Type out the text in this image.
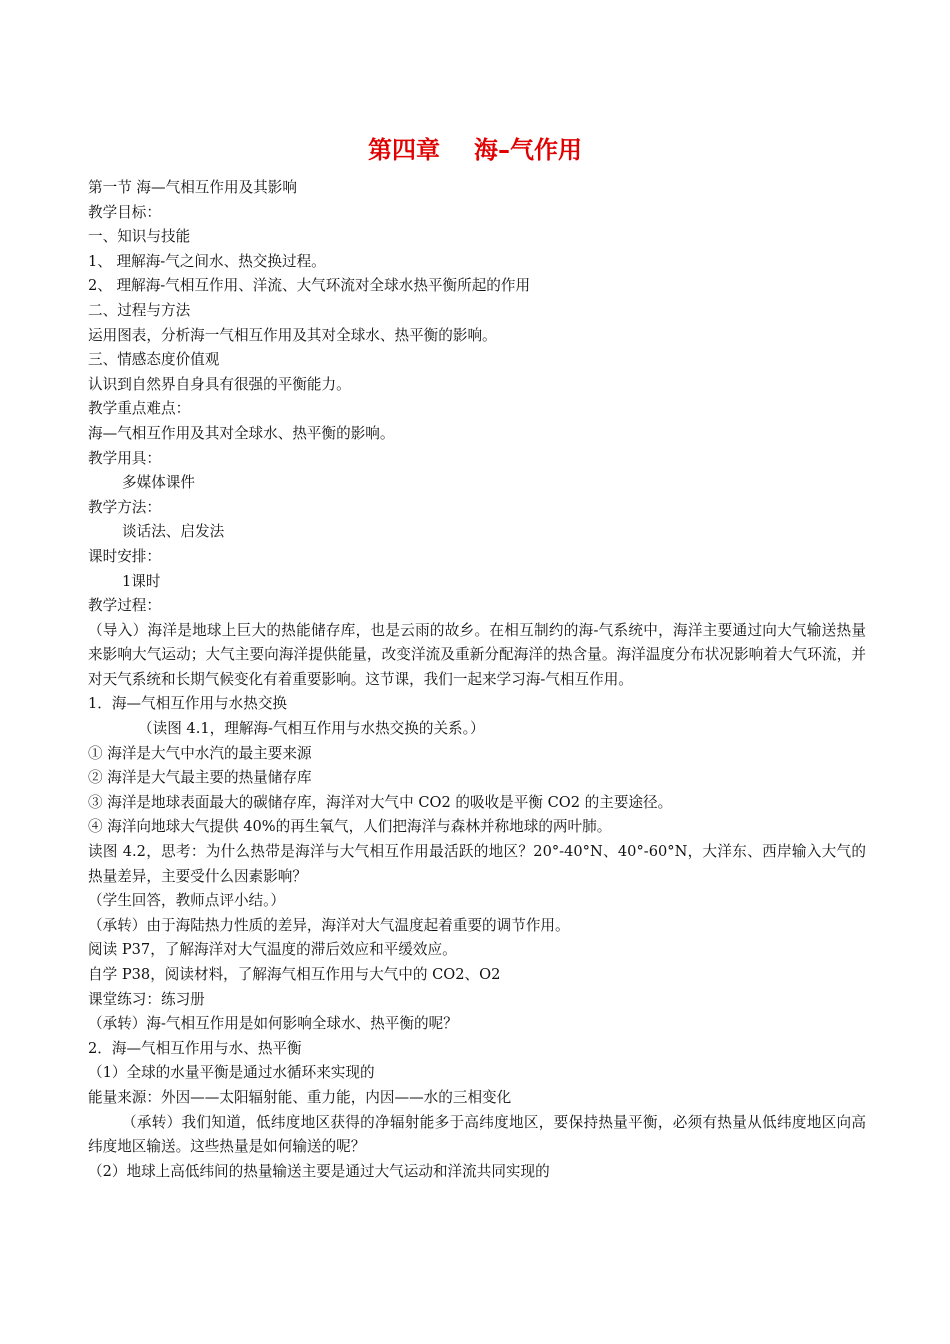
第四章 海–气作用
第一节 海—气相互作用及其影响
教学目标：
一、知识与技能
1、 理解海-气之间水、热交换过程。
2、 理解海-气相互作用、洋流、大气环流对全球水热平衡所起的作用
二、过程与方法
运用图表，分析海一气相互作用及其对全球水、热平衡的影响。
三、情感态度价值观
认识到自然界自身具有很强的平衡能力。
教学重点难点：
海—气相互作用及其对全球水、热平衡的影响。
教学用具：
多媒体课件
教学方法：
谈话法、启发法
课时安排：
1课时
教学过程：
（导入）海洋是地球上巨大的热能储存库，也是云雨的故乡。在相互制约的海-气系统中，海洋主要通过向大气输送热量来影响大气运动；大气主要向海洋提供能量，改变洋流及重新分配海洋的热含量。海洋温度分布状况影响着大气环流，并对天气系统和长期气候变化有着重要影响。这节课，我们一起来学习海-气相互作用。
1．海—气相互作用与水热交换
（读图 4.1，理解海-气相互作用与水热交换的关系。）
① 海洋是大气中水汽的最主要来源
② 海洋是大气最主要的热量储存库
③ 海洋是地球表面最大的碳储存库，海洋对大气中 CO2 的吸收是平衡 CO2 的主要途径。
④ 海洋向地球大气提供 40%的再生氧气，人们把海洋与森林并称地球的两叶肺。
读图 4.2，思考：为什么热带是海洋与大气相互作用最活跃的地区？20°-40°N、40°-60°N，大洋东、西岸输入大气的热量差异，主要受什么因素影响？
（学生回答，教师点评小结。）
（承转）由于海陆热力性质的差异，海洋对大气温度起着重要的调节作用。
阅读 P37，了解海洋对大气温度的滞后效应和平缓效应。
自学 P38，阅读材料，了解海气相互作用与大气中的 CO2、O2
课堂练习：练习册
（承转）海-气相互作用是如何影响全球水、热平衡的呢？
2．海—气相互作用与水、热平衡
（1）全球的水量平衡是通过水循环来实现的
能量来源：外因——太阳辐射能、重力能，内因——水的三相变化
（承转）我们知道，低纬度地区获得的净辐射能多于高纬度地区，要保持热量平衡，必须有热量从低纬度地区向高纬度地区输送。这些热量是如何输送的呢？
（2）地球上高低纬间的热量输送主要是通过大气运动和洋流共同实现的
